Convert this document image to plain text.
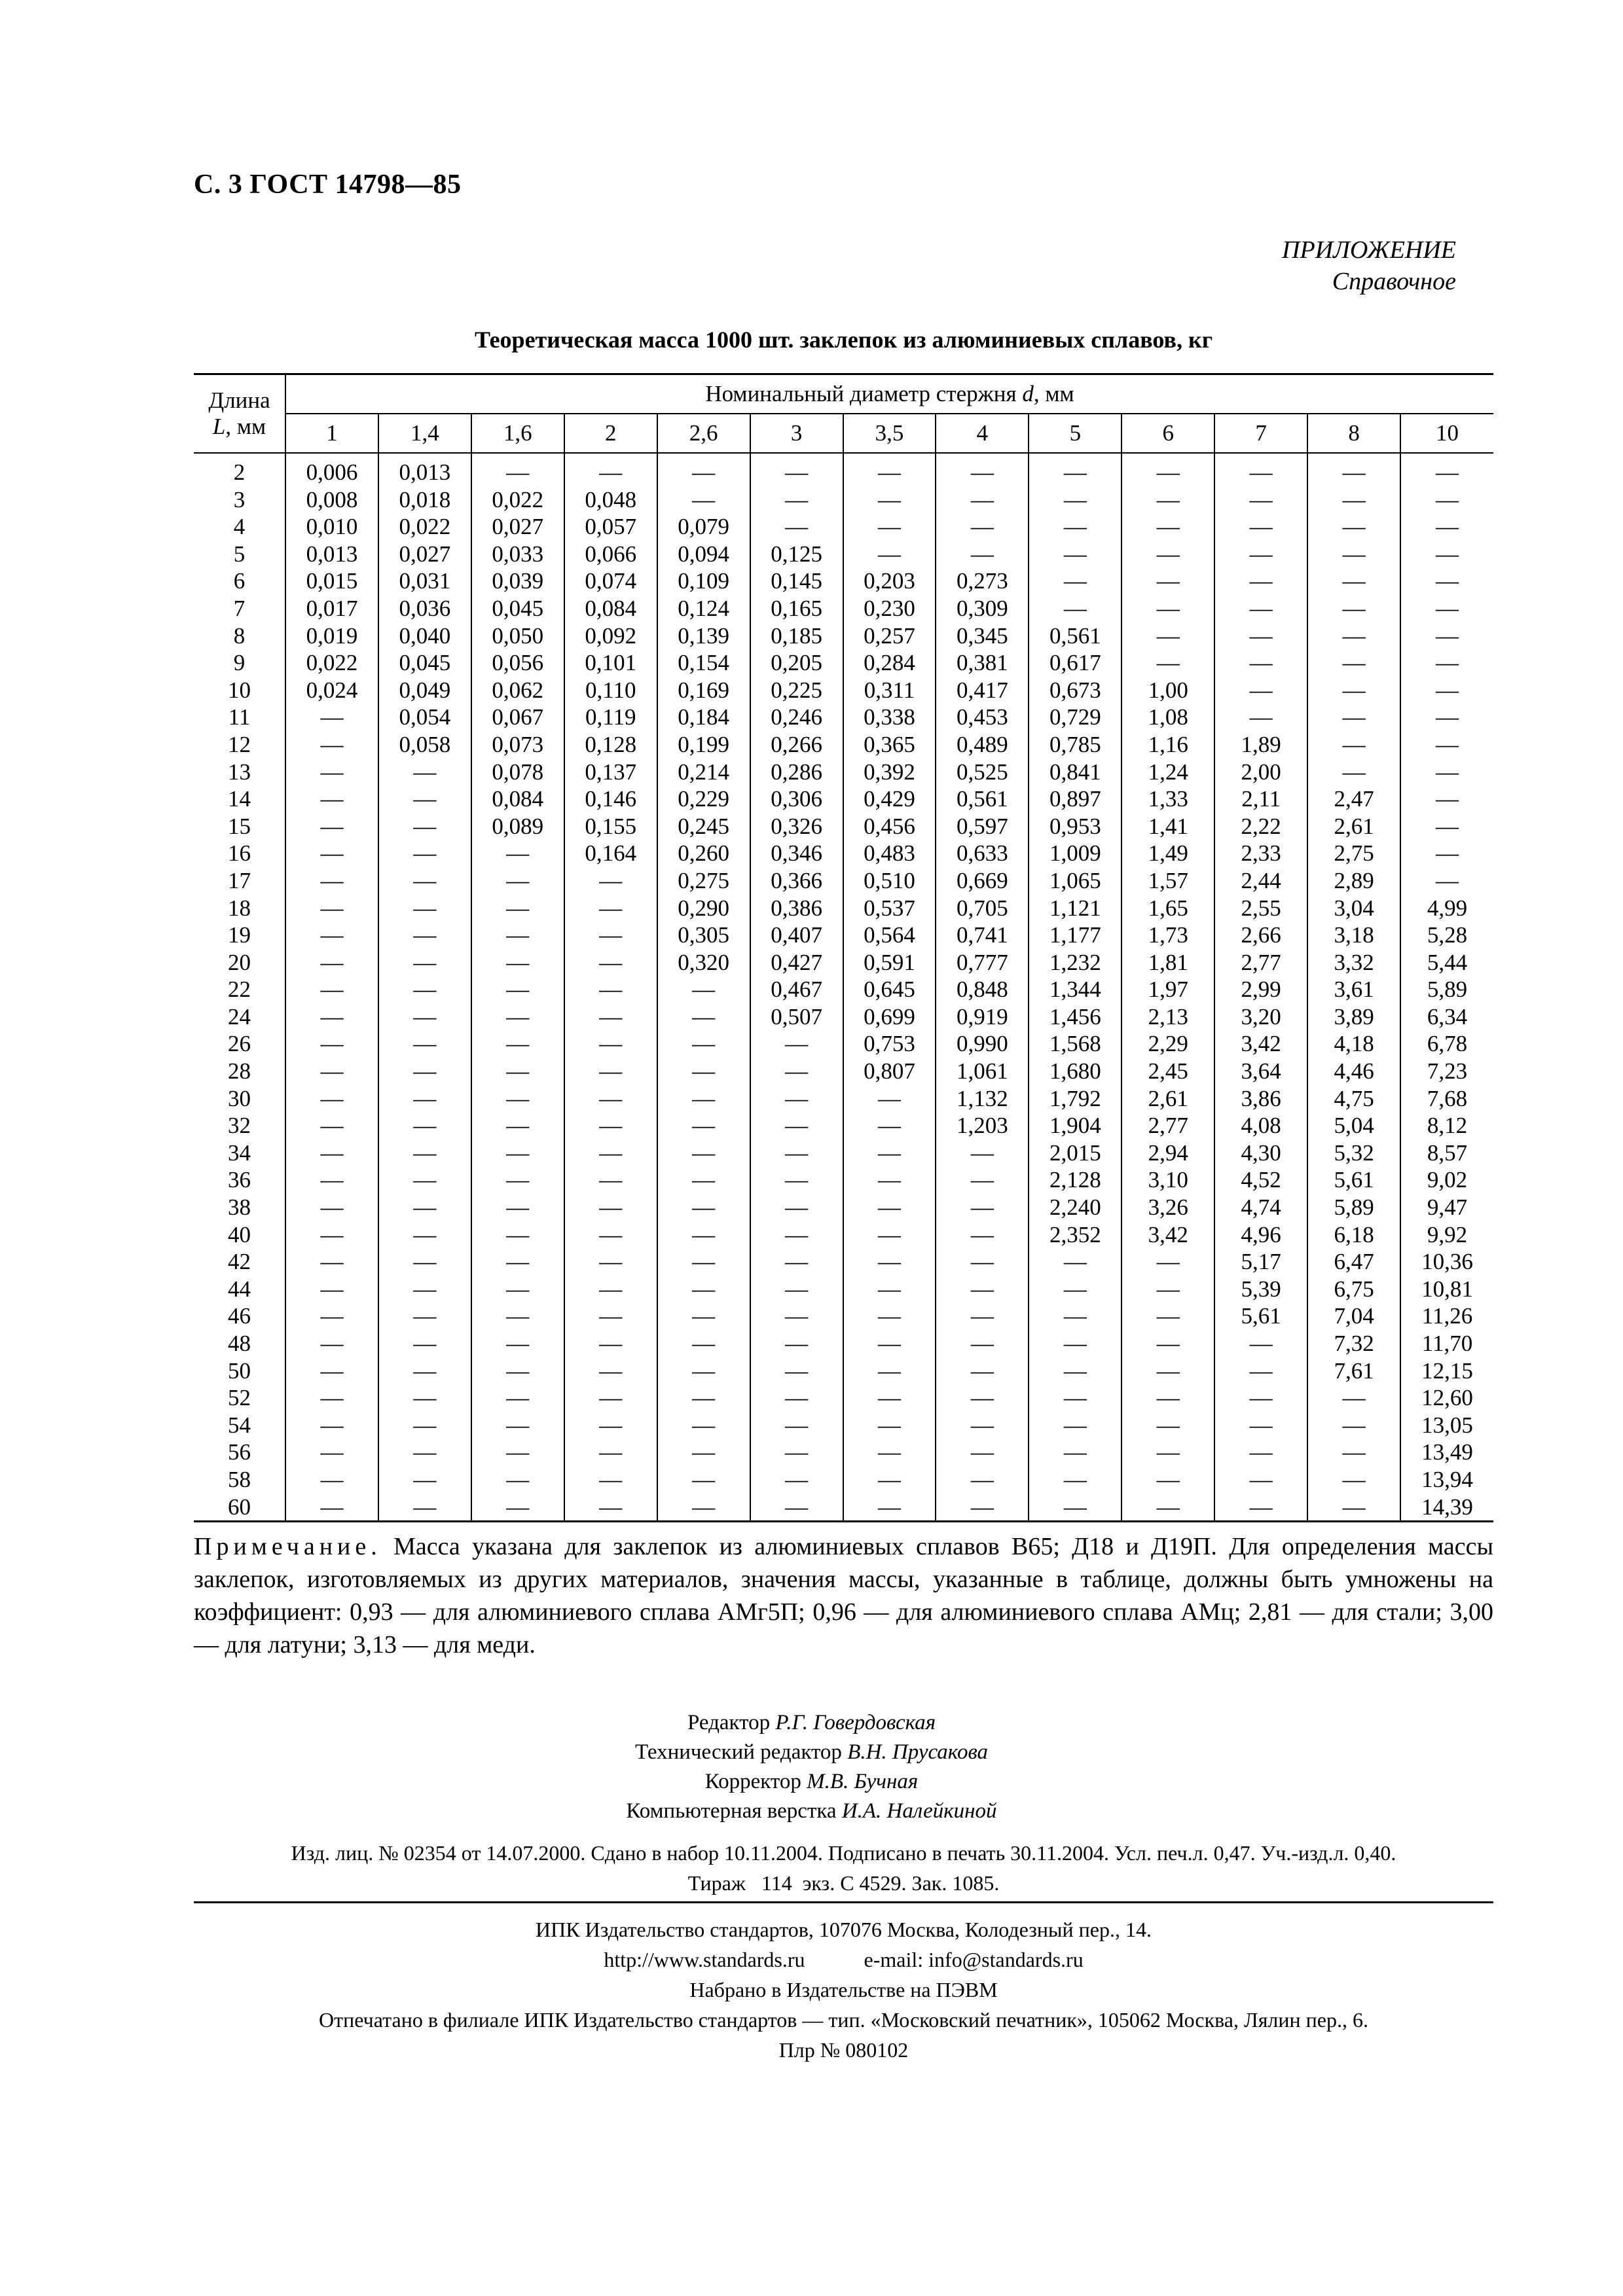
С. 3 ГОСТ 14798—85
ПРИЛОЖЕНИЕ
Справочное
Теоретическая масса 1000 шт. заклепок из алюминиевых сплавов, кг
Длина
L, мм	Номинальный диаметр стержня d, мм												
	1	1,4	1,6	2	2,6	3	3,5	4	5	6	7	8	10
2	0,006	0,013	—	—	—	—	—	—	—	—	—	—	—
3	0,008	0,018	0,022	0,048	—	—	—	—	—	—	—	—	—
4	0,010	0,022	0,027	0,057	0,079	—	—	—	—	—	—	—	—
5	0,013	0,027	0,033	0,066	0,094	0,125	—	—	—	—	—	—	—
6	0,015	0,031	0,039	0,074	0,109	0,145	0,203	0,273	—	—	—	—	—
7	0,017	0,036	0,045	0,084	0,124	0,165	0,230	0,309	—	—	—	—	—
8	0,019	0,040	0,050	0,092	0,139	0,185	0,257	0,345	0,561	—	—	—	—
9	0,022	0,045	0,056	0,101	0,154	0,205	0,284	0,381	0,617	—	—	—	—
10	0,024	0,049	0,062	0,110	0,169	0,225	0,311	0,417	0,673	1,00	—	—	—
11	—	0,054	0,067	0,119	0,184	0,246	0,338	0,453	0,729	1,08	—	—	—
12	—	0,058	0,073	0,128	0,199	0,266	0,365	0,489	0,785	1,16	1,89	—	—
13	—	—	0,078	0,137	0,214	0,286	0,392	0,525	0,841	1,24	2,00	—	—
14	—	—	0,084	0,146	0,229	0,306	0,429	0,561	0,897	1,33	2,11	2,47	—
15	—	—	0,089	0,155	0,245	0,326	0,456	0,597	0,953	1,41	2,22	2,61	—
16	—	—	—	0,164	0,260	0,346	0,483	0,633	1,009	1,49	2,33	2,75	—
17	—	—	—	—	0,275	0,366	0,510	0,669	1,065	1,57	2,44	2,89	—
18	—	—	—	—	0,290	0,386	0,537	0,705	1,121	1,65	2,55	3,04	4,99
19	—	—	—	—	0,305	0,407	0,564	0,741	1,177	1,73	2,66	3,18	5,28
20	—	—	—	—	0,320	0,427	0,591	0,777	1,232	1,81	2,77	3,32	5,44
22	—	—	—	—	—	0,467	0,645	0,848	1,344	1,97	2,99	3,61	5,89
24	—	—	—	—	—	0,507	0,699	0,919	1,456	2,13	3,20	3,89	6,34
26	—	—	—	—	—	—	0,753	0,990	1,568	2,29	3,42	4,18	6,78
28	—	—	—	—	—	—	0,807	1,061	1,680	2,45	3,64	4,46	7,23
30	—	—	—	—	—	—	—	1,132	1,792	2,61	3,86	4,75	7,68
32	—	—	—	—	—	—	—	1,203	1,904	2,77	4,08	5,04	8,12
34	—	—	—	—	—	—	—	—	2,015	2,94	4,30	5,32	8,57
36	—	—	—	—	—	—	—	—	2,128	3,10	4,52	5,61	9,02
38	—	—	—	—	—	—	—	—	2,240	3,26	4,74	5,89	9,47
40	—	—	—	—	—	—	—	—	2,352	3,42	4,96	6,18	9,92
42	—	—	—	—	—	—	—	—	—	—	5,17	6,47	10,36
44	—	—	—	—	—	—	—	—	—	—	5,39	6,75	10,81
46	—	—	—	—	—	—	—	—	—	—	5,61	7,04	11,26
48	—	—	—	—	—	—	—	—	—	—	—	7,32	11,70
50	—	—	—	—	—	—	—	—	—	—	—	7,61	12,15
52	—	—	—	—	—	—	—	—	—	—	—	—	12,60
54	—	—	—	—	—	—	—	—	—	—	—	—	13,05
56	—	—	—	—	—	—	—	—	—	—	—	—	13,49
58	—	—	—	—	—	—	—	—	—	—	—	—	13,94
60	—	—	—	—	—	—	—	—	—	—	—	—	14,39
Примечание. Масса указана для заклепок из алюминиевых сплавов В65; Д18 и Д19П. Для определения массы заклепок, изготовляемых из других материалов, значения массы, указанные в таблице, должны быть умножены на коэффициент: 0,93 — для алюминиевого сплава АМг5П; 0,96 — для алюминиевого сплава АМц; 2,81 — для стали; 3,00 — для латуни; 3,13 — для меди.
Редактор Р.Г. Говердовская
Технический редактор В.Н. Прусакова
Корректор М.В. Бучная
Компьютерная верстка И.А. Налейкиной
Изд. лиц. № 02354 от 14.07.2000. Сдано в набор 10.11.2004. Подписано в печать 30.11.2004. Усл. печ.л. 0,47. Уч.-изд.л. 0,40.
Тираж   114  экз. С 4529. Зак. 1085.
ИПК Издательство стандартов, 107076 Москва, Колодезный пер., 14.
http://www.standards.ru	e-mail: info@standards.ru
Набрано в Издательстве на ПЭВМ
Отпечатано в филиале ИПК Издательство стандартов — тип. «Московский печатник», 105062 Москва, Лялин пер., 6.
Плр № 080102
